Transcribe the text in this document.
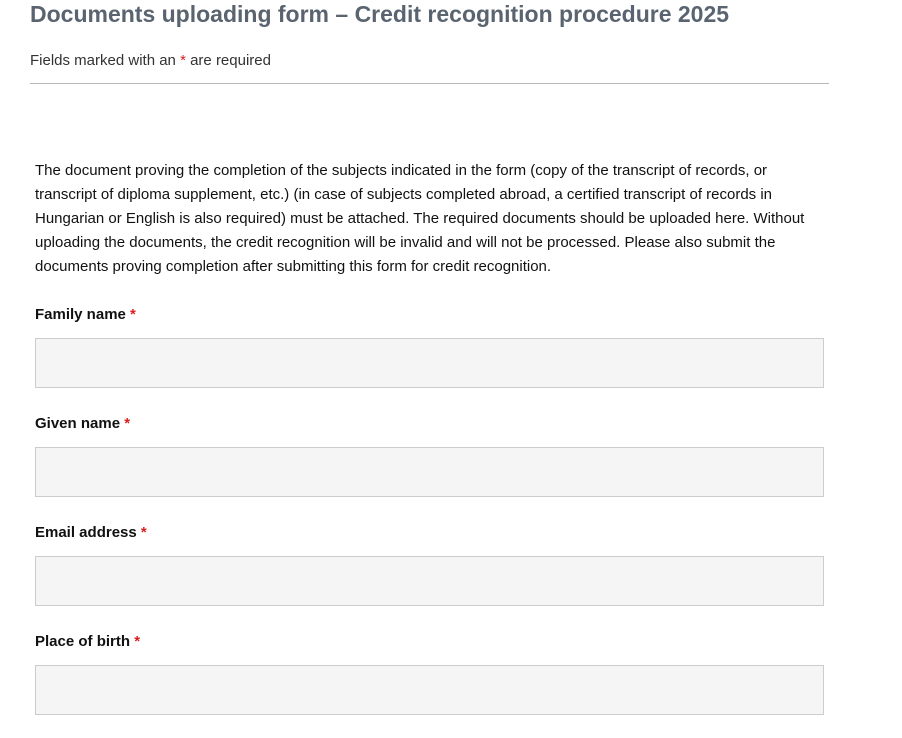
Documents uploading form – Credit recognition procedure 2025
Fields marked with an * are required

The document proving the completion of the subjects indicated in the form (copy of the transcript of records, or transcript of diploma supplement, etc.) (in case of subjects completed abroad, a certified transcript of records in Hungarian or English is also required) must be attached. The required documents should be uploaded here. Without uploading the documents, the credit recognition will be invalid and will not be processed. Please also submit the documents proving completion after submitting this form for credit recognition.

Family name *
Given name *
Email address *
Place of birth *
